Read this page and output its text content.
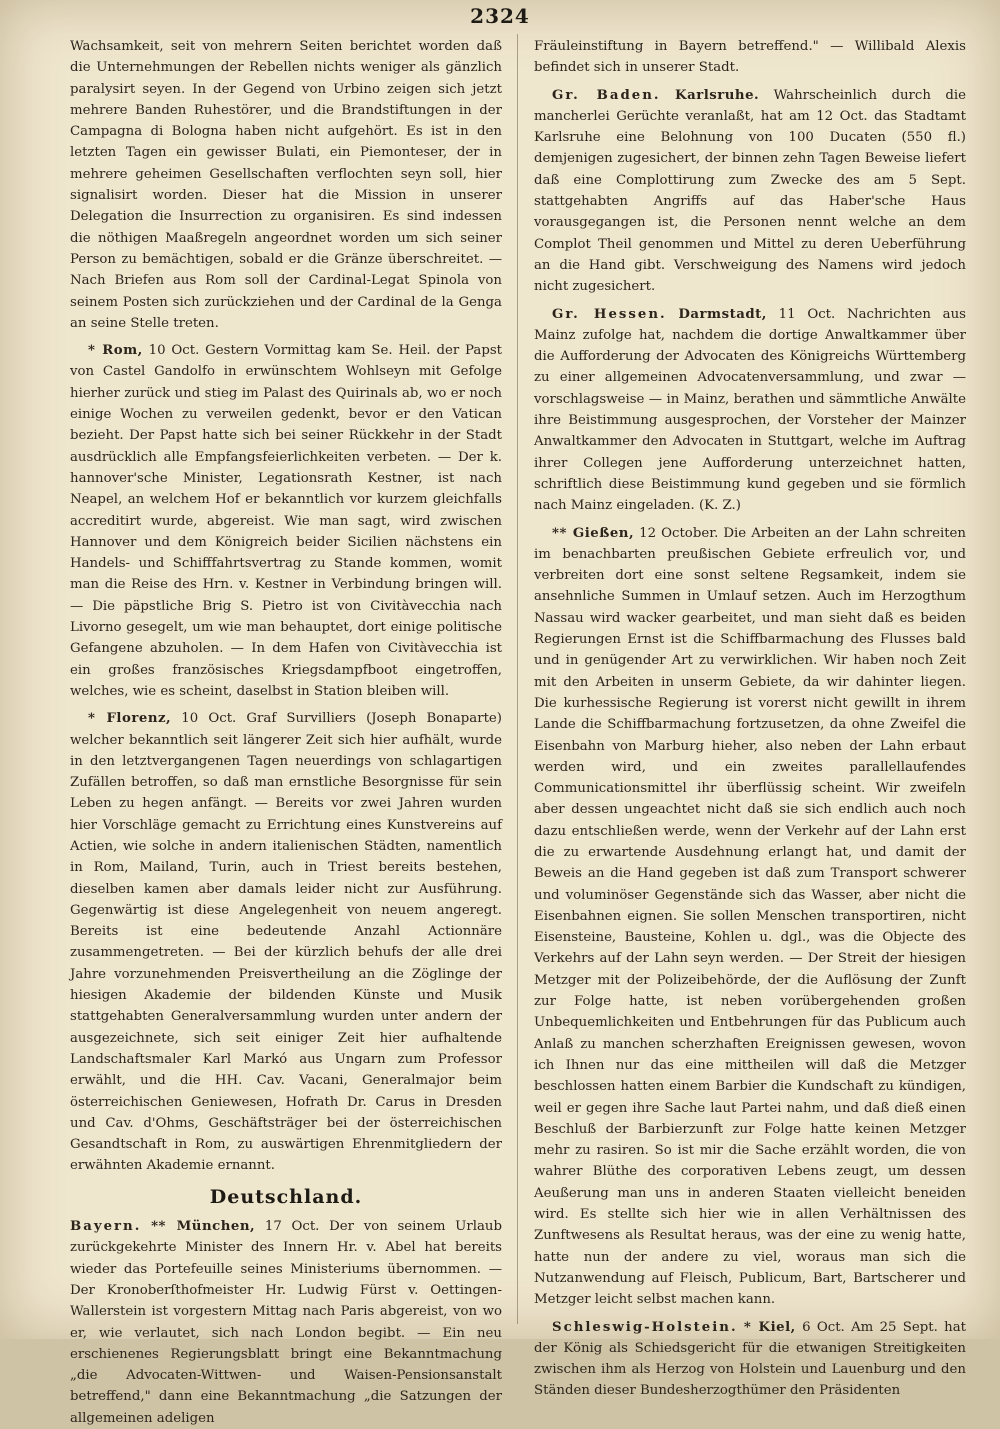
2324

Wachsamkeit, seit von mehrern Seiten berichtet worden daß die Unternehmungen der Rebellen nichts weniger als gänzlich paralysirt seyen. In der Gegend von Urbino zeigen sich jetzt mehrere Banden Ruhestörer, und die Brandstiftungen in der Campagna di Bologna haben nicht aufgehört. Es ist in den letzten Tagen ein gewisser Bulati, ein Piemonteser, der in mehrere geheimen Gesellschaften verflochten seyn soll, hier signalisirt worden. Dieser hat die Mission in unserer Delegation die Insurrection zu organisiren. Es sind indessen die nöthigen Maaßregeln angeordnet worden um sich seiner Person zu bemächtigen, sobald er die Gränze überschreitet. — Nach Briefen aus Rom soll der Cardinal-Legat Spinola von seinem Posten sich zurückziehen und der Cardinal de la Genga an seine Stelle treten.

* Rom, 10 Oct. Gestern Vormittag kam Se. Heil. der Papst von Castel Gandolfo in erwünschtem Wohlseyn mit Gefolge hierher zurück und stieg im Palast des Quirinals ab, wo er noch einige Wochen zu verweilen gedenkt, bevor er den Vatican bezieht. Der Papst hatte sich bei seiner Rückkehr in der Stadt ausdrücklich alle Empfangsfeierlichkeiten verbeten. — Der k. hannover'sche Minister, Legationsrath Kestner, ist nach Neapel, an welchem Hof er bekanntlich vor kurzem gleichfalls accreditirt wurde, abgereist. Wie man sagt, wird zwischen Hannover und dem Königreich beider Sicilien nächstens ein Handels- und Schifffahrtsvertrag zu Stande kommen, womit man die Reise des Hrn. v. Kestner in Verbindung bringen will. — Die päpstliche Brig S. Pietro ist von Civitàvecchia nach Livorno gesegelt, um wie man behauptet, dort einige politische Gefangene abzuholen. — In dem Hafen von Civitàvecchia ist ein großes französisches Kriegsdampfboot eingetroffen, welches, wie es scheint, daselbst in Station bleiben will.

* Florenz, 10 Oct. Graf Survilliers (Joseph Bonaparte) welcher bekanntlich seit längerer Zeit sich hier aufhält, wurde in den letztvergangenen Tagen neuerdings von schlagartigen Zufällen betroffen, so daß man ernstliche Besorgnisse für sein Leben zu hegen anfängt. — Bereits vor zwei Jahren wurden hier Vorschläge gemacht zu Errichtung eines Kunstvereins auf Actien, wie solche in andern italienischen Städten, namentlich in Rom, Mailand, Turin, auch in Triest bereits bestehen, dieselben kamen aber damals leider nicht zur Ausführung. Gegenwärtig ist diese Angelegenheit von neuem angeregt. Bereits ist eine bedeutende Anzahl Actionnäre zusammengetreten. — Bei der kürzlich behufs der alle drei Jahre vorzunehmenden Preisvertheilung an die Zöglinge der hiesigen Akademie der bildenden Künste und Musik stattgehabten Generalversammlung wurden unter andern der ausgezeichnete, sich seit einiger Zeit hier aufhaltende Landschaftsmaler Karl Markó aus Ungarn zum Professor erwählt, und die HH. Cav. Vacani, Generalmajor beim österreichischen Geniewesen, Hofrath Dr. Carus in Dresden und Cav. d'Ohms, Geschäftsträger bei der österreichischen Gesandtschaft in Rom, zu auswärtigen Ehrenmitgliedern der erwähnten Akademie ernannt.

Deutschland.

Bayern. ** München, 17 Oct. Der von seinem Urlaub zurückgekehrte Minister des Innern Hr. v. Abel hat bereits wieder das Portefeuille seines Ministeriums übernommen. — Der Kronoberſthofmeister Hr. Ludwig Fürst v. Oettingen-Wallerstein ist vorgestern Mittag nach Paris abgereist, von wo er, wie verlautet, sich nach London begibt. — Ein neu erschienenes Regierungsblatt bringt eine Bekanntmachung „die Advocaten-Wittwen- und Waisen-Pensionsanstalt betreffend," dann eine Bekanntmachung „die Satzungen der allgemeinen adeligen

Fräuleinstiftung in Bayern betreffend." — Willibald Alexis befindet sich in unserer Stadt.

Gr. Baden. Karlsruhe. Wahrscheinlich durch die mancherlei Gerüchte veranlaßt, hat am 12 Oct. das Stadtamt Karlsruhe eine Belohnung von 100 Ducaten (550 fl.) demjenigen zugesichert, der binnen zehn Tagen Beweise liefert daß eine Complottirung zum Zwecke des am 5 Sept. stattgehabten Angriffs auf das Haber'sche Haus vorausgegangen ist, die Personen nennt welche an dem Complot Theil genommen und Mittel zu deren Ueberführung an die Hand gibt. Verschweigung des Namens wird jedoch nicht zugesichert.

Gr. Hessen. Darmstadt, 11 Oct. Nachrichten aus Mainz zufolge hat, nachdem die dortige Anwaltkammer über die Aufforderung der Advocaten des Königreichs Württemberg zu einer allgemeinen Advocatenversammlung, und zwar — vorschlagsweise — in Mainz, berathen und sämmtliche Anwälte ihre Beistimmung ausgesprochen, der Vorsteher der Mainzer Anwaltkammer den Advocaten in Stuttgart, welche im Auftrag ihrer Collegen jene Aufforderung unterzeichnet hatten, schriftlich diese Beistimmung kund gegeben und sie förmlich nach Mainz eingeladen. (K. Z.)

** Gießen, 12 October. Die Arbeiten an der Lahn schreiten im benachbarten preußischen Gebiete erfreulich vor, und verbreiten dort eine sonst seltene Regsamkeit, indem sie ansehnliche Summen in Umlauf setzen. Auch im Herzogthum Nassau wird wacker gearbeitet, und man sieht daß es beiden Regierungen Ernst ist die Schiffbarmachung des Flusses bald und in genügender Art zu verwirklichen. Wir haben noch Zeit mit den Arbeiten in unserm Gebiete, da wir dahinter liegen. Die kurhessische Regierung ist vorerst nicht gewillt in ihrem Lande die Schiffbarmachung fortzusetzen, da ohne Zweifel die Eisenbahn von Marburg hieher, also neben der Lahn erbaut werden wird, und ein zweites parallellaufendes Communicationsmittel ihr überflüssig scheint. Wir zweifeln aber dessen ungeachtet nicht daß sie sich endlich auch noch dazu entschließen werde, wenn der Verkehr auf der Lahn erst die zu erwartende Ausdehnung erlangt hat, und damit der Beweis an die Hand gegeben ist daß zum Transport schwerer und voluminöser Gegenstände sich das Wasser, aber nicht die Eisenbahnen eignen. Sie sollen Menschen transportiren, nicht Eisensteine, Bausteine, Kohlen u. dgl., was die Objecte des Verkehrs auf der Lahn seyn werden. — Der Streit der hiesigen Metzger mit der Polizeibehörde, der die Auflösung der Zunft zur Folge hatte, ist neben vorübergehenden großen Unbequemlichkeiten und Entbehrungen für das Publicum auch Anlaß zu manchen scherzhaften Ereignissen gewesen, wovon ich Ihnen nur das eine mittheilen will daß die Metzger beschlossen hatten einem Barbier die Kundschaft zu kündigen, weil er gegen ihre Sache laut Partei nahm, und daß dieß einen Beschluß der Barbierzunft zur Folge hatte keinen Metzger mehr zu rasiren. So ist mir die Sache erzählt worden, die von wahrer Blüthe des corporativen Lebens zeugt, um dessen Aeußerung man uns in anderen Staaten vielleicht beneiden wird. Es stellte sich hier wie in allen Verhältnissen des Zunftwesens als Resultat heraus, was der eine zu wenig hatte, hatte nun der andere zu viel, woraus man sich die Nutzanwendung auf Fleisch, Publicum, Bart, Bartscherer und Metzger leicht selbst machen kann.

Schleswig-Holstein. * Kiel, 6 Oct. Am 25 Sept. hat der König als Schiedsgericht für die etwanigen Streitigkeiten zwischen ihm als Herzog von Holstein und Lauenburg und den Ständen dieser Bundesherzogthümer den Präsidenten
